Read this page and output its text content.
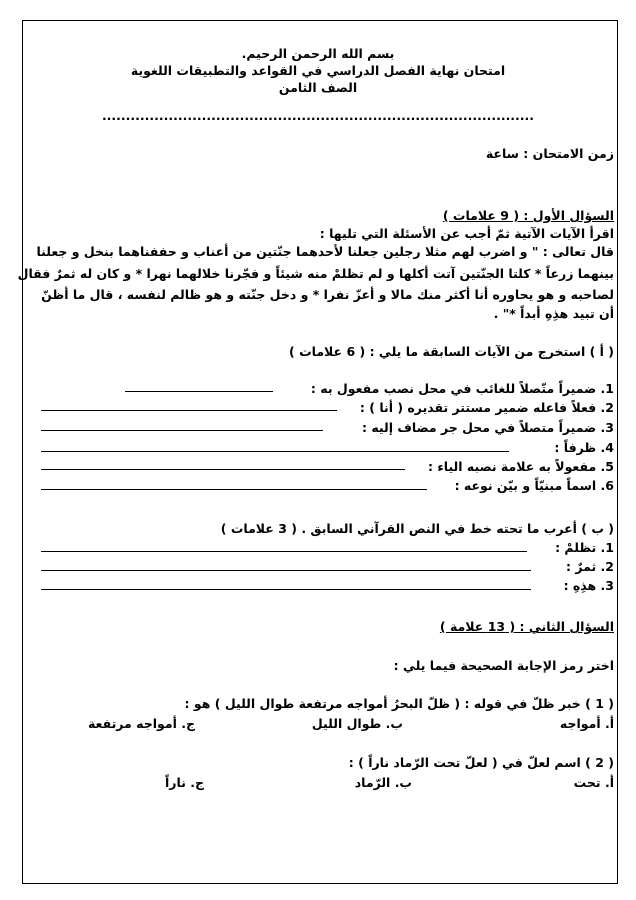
بسم الله الرحمن الرحيم.
امتحان نهاية الفصل الدراسي في القواعد والتطبيقات اللغوية
الصف الثامن
...........................................................................................
زمن الامتحان : ساعة
السؤال الأول : ( 9 علامات )
اقرأ الآيات الآتية ثمّ أجب عن الأسئلة التي تليها :
قال تعالى : " و اضرب لهم مثلا رجلين جعلنا لأحدهما جنّتين من أعناب و حففناهما بنخل و جعلنا
بينهما زرعاً * كلتا الجنّتين آتت أكلها و لم تظلمْ منه شيئاً و فجّرنا خلالهما نهرا * و كان له ثمرٌ فقال
لصاحبه و هو يحاوره أنا أكثر منك مالا و أعزّ نفرا * و دخل جنّته و هو ظالم لنفسه ، قال ما أظنّ
أن تبيد هذِهِ أبداً *" .
( أ ) استخرج من الآيات السابقة ما يلي : ( 6 علامات )
1. ضميراً متّصلاً للغائب في محل نصب مفعول به :
2. فعلاً فاعله ضمير مستتر تقديره ( أنا ) :
3. ضميراً متصلاً في محل جر مضاف إليه :
4. ظرفاً :
5. مفعولاً به علامة نصبه الياء :
6. اسماً مبنيّاً و بيّن نوعه :
( ب ) أعرب ما تحته خط في النص القرآني السابق . ( 3 علامات )
1. تظلمْ :
2. ثمرٌ :
3. هذِهِ :
السؤال الثاني : ( 13 علامة )
اختر رمز الإجابة الصحيحة فيما يلي :
( 1 ) خبر ظلّ في قوله : ( ظلّ البحرُ أمواجه مرتفعة طوال الليل ) هو :
أ. أمواجه
ب. طوال الليل
ج. أمواجه مرتفعة
( 2 ) اسم لعلّ في ( لعلّ تحت الرّماد ناراً ) :
أ. تحت
ب. الرّماد
ج. ناراً
